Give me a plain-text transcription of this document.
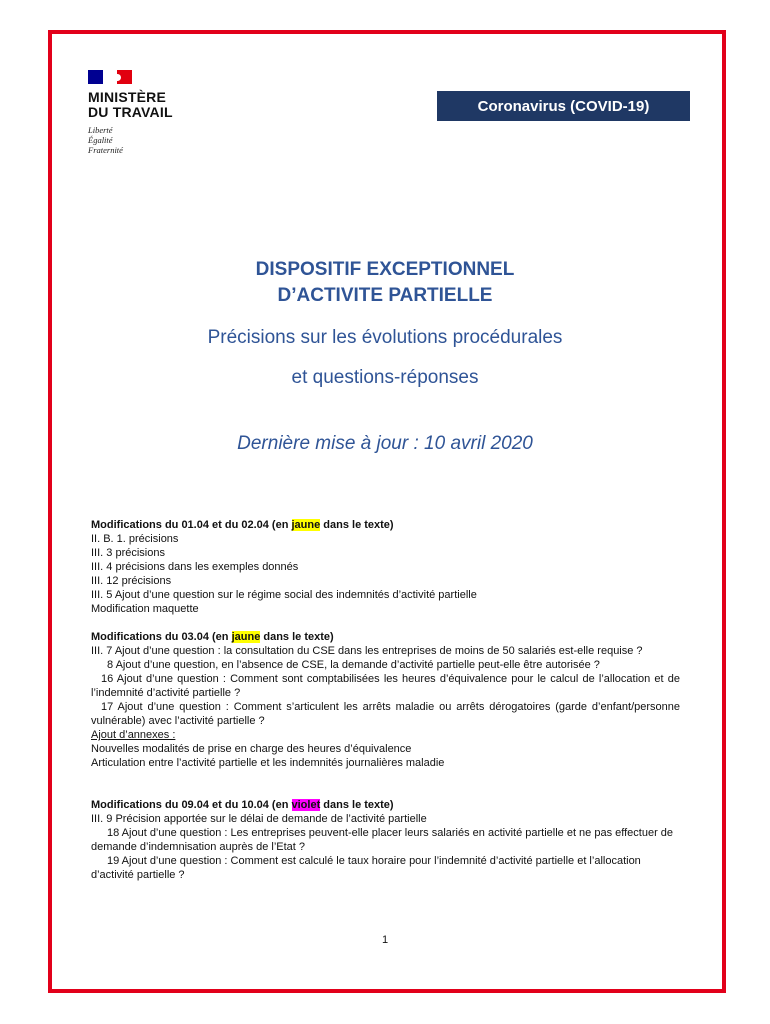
MINISTÈRE
DU TRAVAIL
Liberté
Égalité
Fraternité
Coronavirus (COVID-19)
DISPOSITIF EXCEPTIONNEL
D’ACTIVITE PARTIELLE
Précisions sur les évolutions procédurales
et questions-réponses
Dernière mise à jour : 10 avril 2020
Modifications du 01.04 et du 02.04 (en jaune dans le texte)
II. B. 1. précisions
III. 3 précisions
III. 4 précisions dans les exemples donnés
III. 12 précisions
III. 5 Ajout d’une question sur le régime social des indemnités d’activité partielle
Modification maquette
Modifications du 03.04 (en jaune dans le texte)
III. 7 Ajout d’une question : la consultation du CSE dans les entreprises de moins de 50 salariés est-elle requise ?
8 Ajout d’une question, en l’absence de CSE, la demande d’activité partielle peut-elle être autorisée ?
16 Ajout d’une question : Comment sont comptabilisées les heures d’équivalence pour le calcul de l’allocation et de l’indemnité d’activité partielle ?
17 Ajout d’une question : Comment s’articulent les arrêts maladie ou arrêts dérogatoires (garde d’enfant/personne vulnérable) avec l’activité partielle ?
Ajout d’annexes :
Nouvelles modalités de prise en charge des heures d’équivalence
Articulation entre l’activité partielle et les indemnités journalières maladie
Modifications du 09.04 et du 10.04 (en violet dans le texte)
III. 9 Précision apportée sur le délai de demande de l’activité partielle
18 Ajout d’une question : Les entreprises peuvent-elle placer leurs salariés en activité partielle et ne pas effectuer de demande d’indemnisation auprès de l’Etat ?
19 Ajout d’une question : Comment est calculé le taux horaire pour l’indemnité d’activité partielle et l’allocation d’activité partielle ?
1
